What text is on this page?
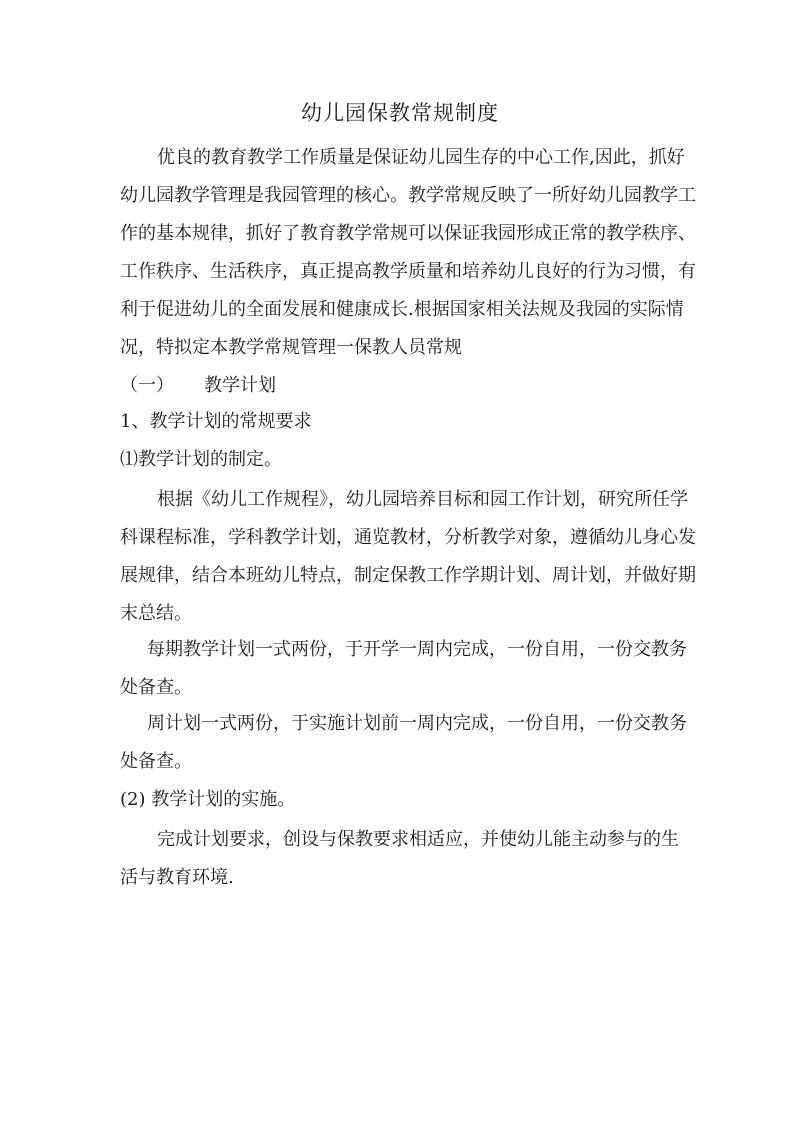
幼儿园保教常规制度
优良的教育教学工作质量是保证幼儿园生存的中心工作,因此，抓好
幼儿园教学管理是我园管理的核心。教学常规反映了一所好幼儿园教学工
作的基本规律，抓好了教育教学常规可以保证我园形成正常的教学秩序、
工作秩序、生活秩序，真正提高教学质量和培养幼儿良好的行为习惯，有
利于促进幼儿的全面发展和健康成长.根据国家相关法规及我园的实际情
况，特拟定本教学常规管理一保教人员常规
（一） 教学计划
1、教学计划的常规要求
⑴教学计划的制定。
根据《幼儿工作规程》，幼儿园培养目标和园工作计划，研究所任学
科课程标准，学科教学计划，通览教材，分析教学对象，遵循幼儿身心发
展规律，结合本班幼儿特点，制定保教工作学期计划、周计划，并做好期
末总结。
每期教学计划一式两份，于开学一周内完成，一份自用，一份交教务
处备查。
周计划一式两份，于实施计划前一周内完成，一份自用，一份交教务
处备查。
(2) 教学计划的实施。
完成计划要求，创设与保教要求相适应，并使幼儿能主动参与的生
活与教育环境.
